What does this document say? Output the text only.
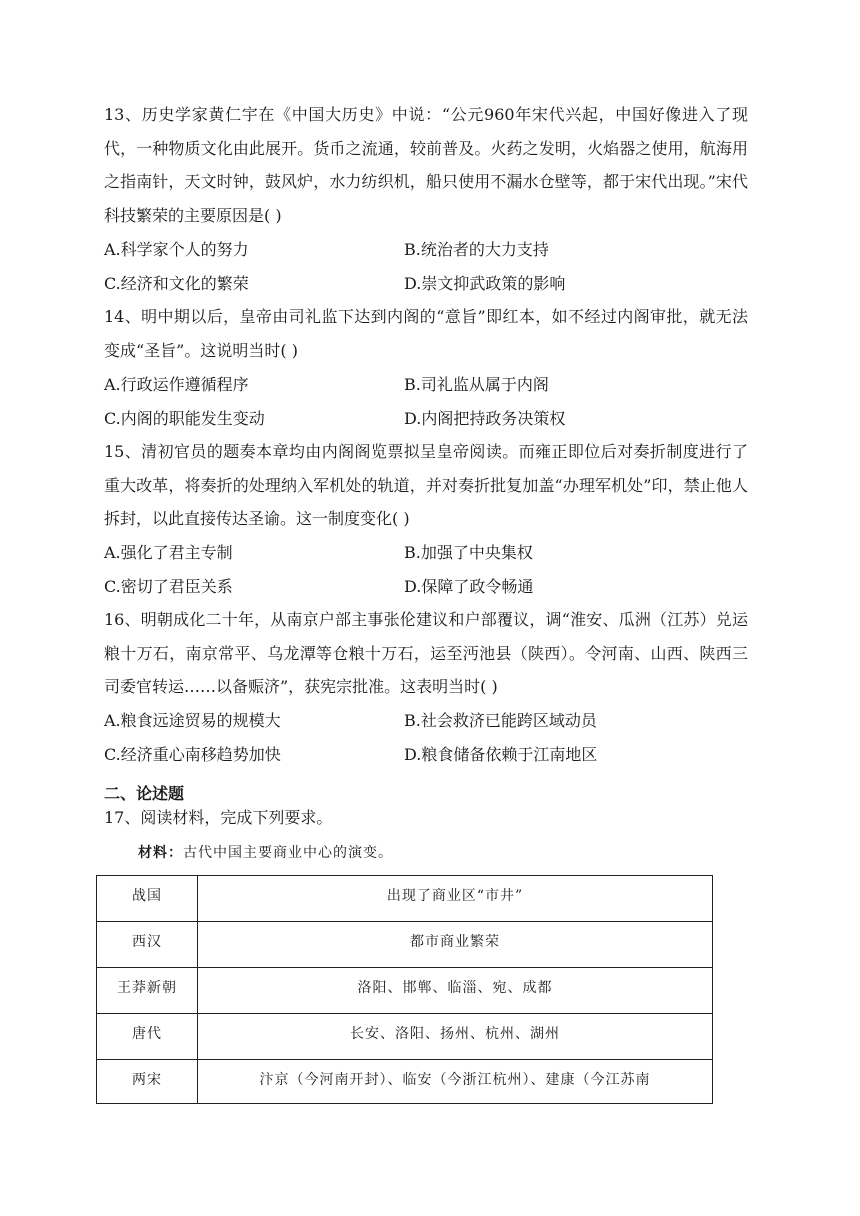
13、历史学家黄仁宇在《中国大历史》中说：“公元960年宋代兴起，中国好像进入了现代，一种物质文化由此展开。货币之流通，较前普及。火药之发明，火焰器之使用，航海用之指南针，天文时钟，鼓风炉，水力纺织机，船只使用不漏水仓壁等，都于宋代出现。”宋代科技繁荣的主要原因是( )
A.科学家个人的努力	B.统治者的大力支持
C.经济和文化的繁荣	D.崇文抑武政策的影响
14、明中期以后，皇帝由司礼监下达到内阁的“意旨”即红本，如不经过内阁审批，就无法变成“圣旨”。这说明当时( )
A.行政运作遵循程序	B.司礼监从属于内阁
C.内阁的职能发生变动	D.内阁把持政务决策权
15、清初官员的题奏本章均由内阁阁览票拟呈皇帝阅读。而雍正即位后对奏折制度进行了重大改革，将奏折的处理纳入军机处的轨道，并对奏折批复加盖“办理军机处”印，禁止他人拆封，以此直接传达圣谕。这一制度变化( )
A.强化了君主专制	B.加强了中央集权
C.密切了君臣关系	D.保障了政令畅通
16、明朝成化二十年，从南京户部主事张伦建议和户部覆议，调“淮安、瓜洲（江苏）兑运粮十万石，南京常平、乌龙潭等仓粮十万石，运至沔池县（陕西）。令河南、山西、陕西三司委官转运……以备赈济”，获宪宗批准。这表明当时( )
A.粮食远途贸易的规模大	B.社会救济已能跨区域动员
C.经济重心南移趋势加快	D.粮食储备依赖于江南地区
二、论述题
17、阅读材料，完成下列要求。
材料：古代中国主要商业中心的演变。
战国	出现了商业区“市井”
西汉	都市商业繁荣
王莽新朝	洛阳、邯郸、临淄、宛、成都
唐代	长安、洛阳、扬州、杭州、湖州
两宋	汴京（今河南开封）、临安（今浙江杭州）、建康（今江苏南
